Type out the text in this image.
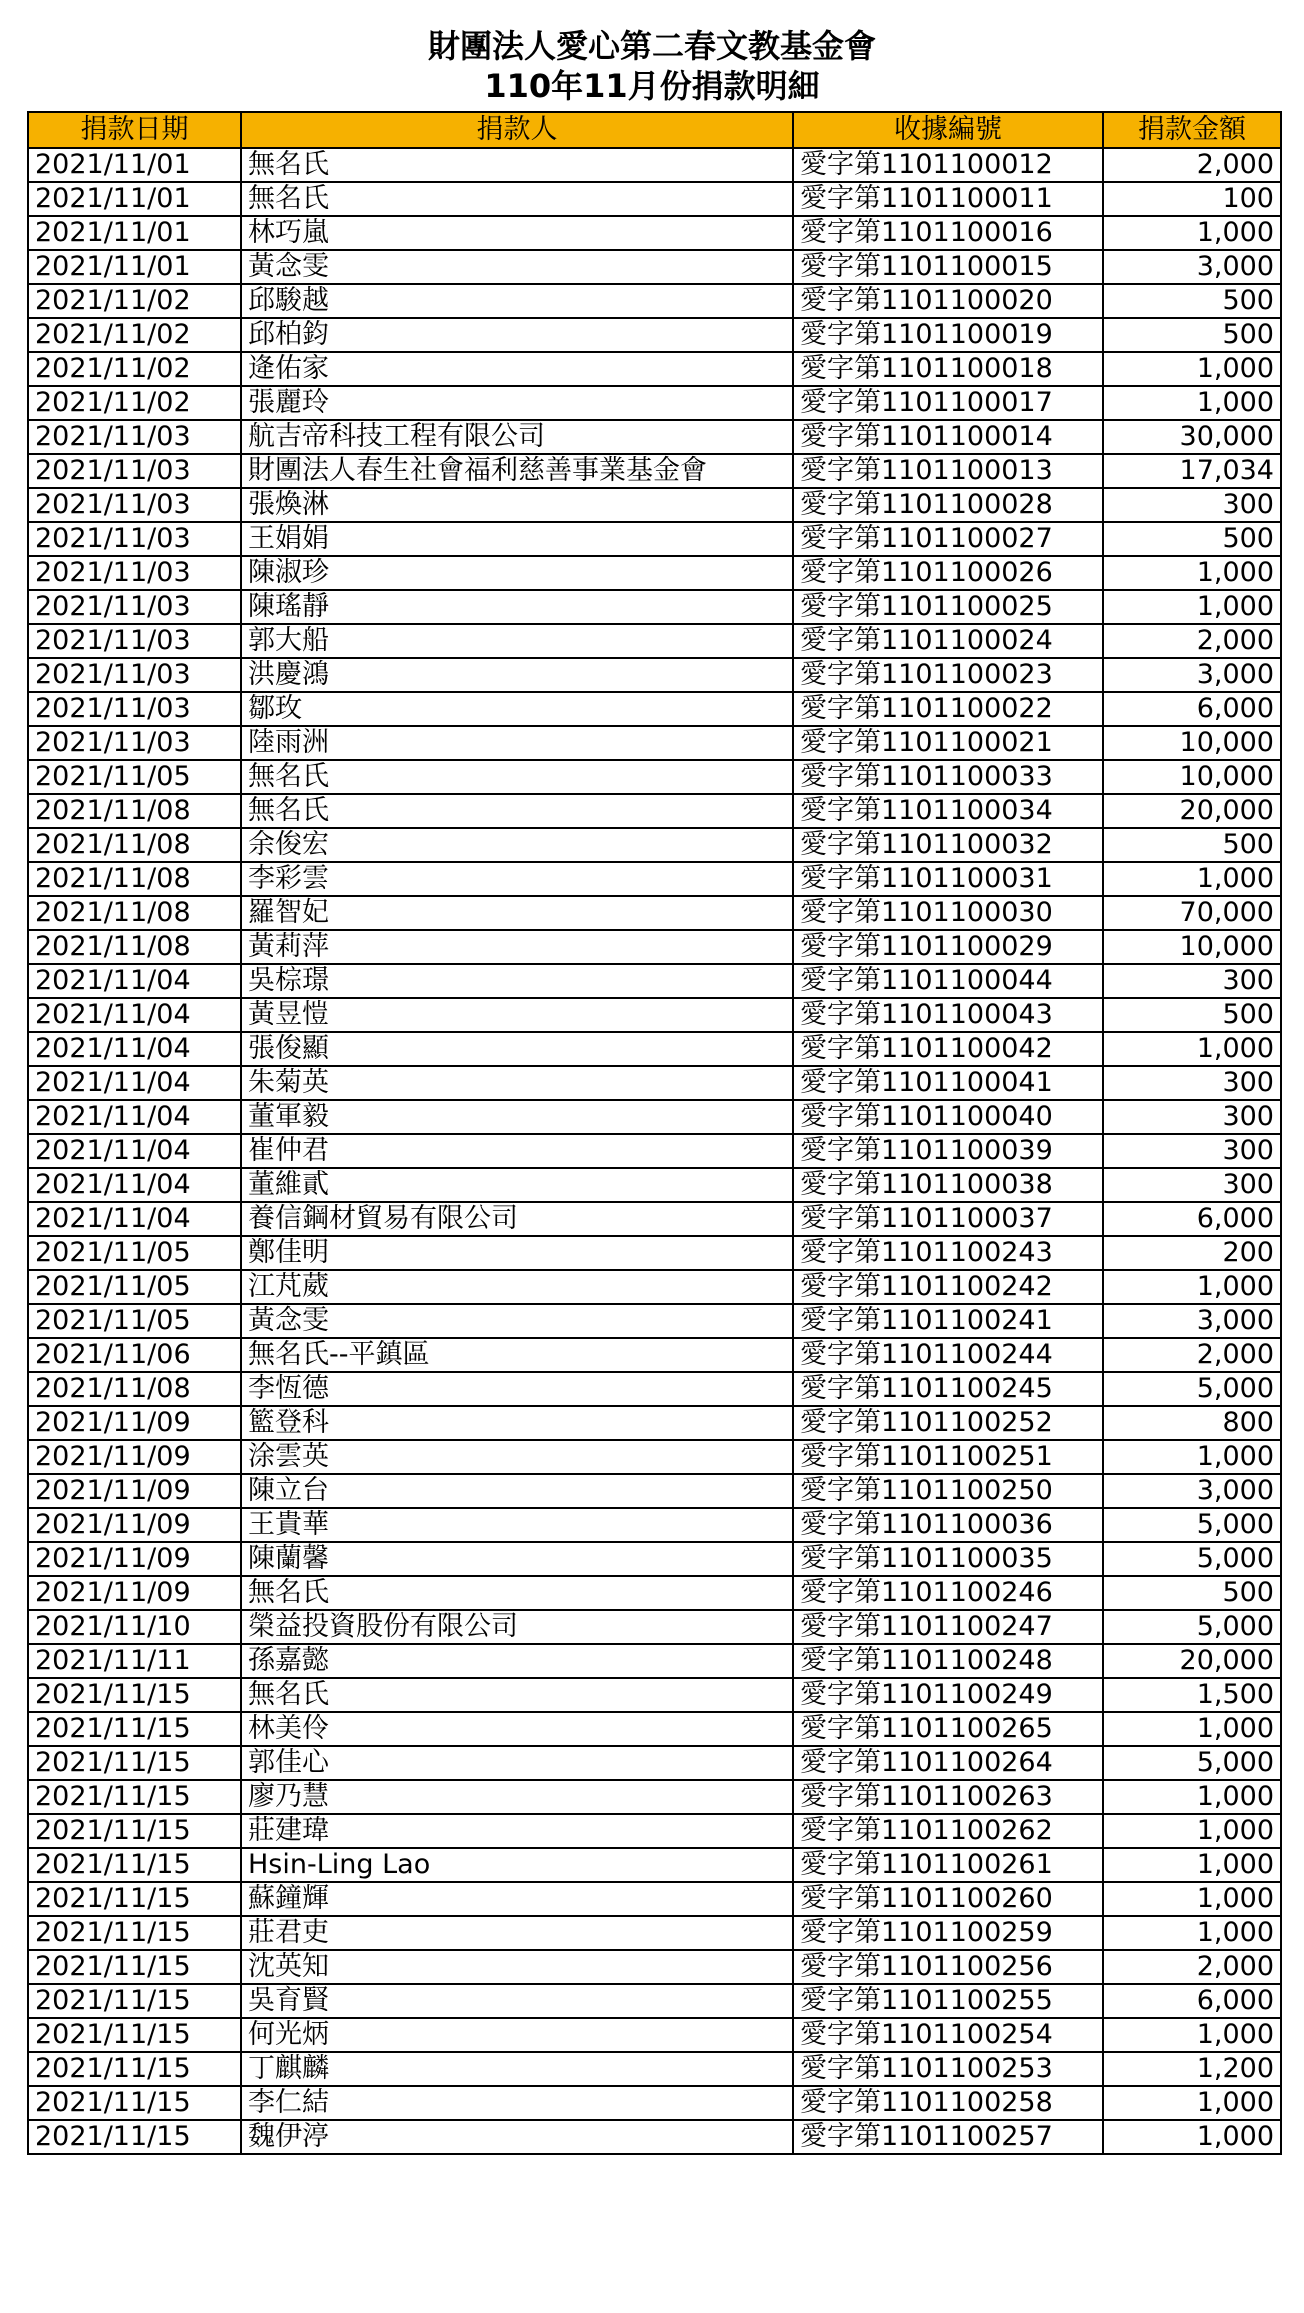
財團法人愛心第二春文教基金會
110年11月份捐款明細
捐款日期	捐款人	收據編號	捐款金額
2021/11/01	無名氏	愛字第1101100012	2,000
2021/11/01	無名氏	愛字第1101100011	100
2021/11/01	林巧嵐	愛字第1101100016	1,000
2021/11/01	黃念雯	愛字第1101100015	3,000
2021/11/02	邱駿越	愛字第1101100020	500
2021/11/02	邱柏鈞	愛字第1101100019	500
2021/11/02	逄佑家	愛字第1101100018	1,000
2021/11/02	張麗玲	愛字第1101100017	1,000
2021/11/03	航吉帝科技工程有限公司	愛字第1101100014	30,000
2021/11/03	財團法人春生社會福利慈善事業基金會	愛字第1101100013	17,034
2021/11/03	張煥淋	愛字第1101100028	300
2021/11/03	王娟娟	愛字第1101100027	500
2021/11/03	陳淑珍	愛字第1101100026	1,000
2021/11/03	陳瑤靜	愛字第1101100025	1,000
2021/11/03	郭大船	愛字第1101100024	2,000
2021/11/03	洪慶鴻	愛字第1101100023	3,000
2021/11/03	鄒玫	愛字第1101100022	6,000
2021/11/03	陸雨洲	愛字第1101100021	10,000
2021/11/05	無名氏	愛字第1101100033	10,000
2021/11/08	無名氏	愛字第1101100034	20,000
2021/11/08	余俊宏	愛字第1101100032	500
2021/11/08	李彩雲	愛字第1101100031	1,000
2021/11/08	羅智妃	愛字第1101100030	70,000
2021/11/08	黃莉萍	愛字第1101100029	10,000
2021/11/04	吳棕璟	愛字第1101100044	300
2021/11/04	黃昱愷	愛字第1101100043	500
2021/11/04	張俊顯	愛字第1101100042	1,000
2021/11/04	朱菊英	愛字第1101100041	300
2021/11/04	董軍毅	愛字第1101100040	300
2021/11/04	崔仲君	愛字第1101100039	300
2021/11/04	董維貳	愛字第1101100038	300
2021/11/04	養信鋼材貿易有限公司	愛字第1101100037	6,000
2021/11/05	鄭佳明	愛字第1101100243	200
2021/11/05	江芃葳	愛字第1101100242	1,000
2021/11/05	黃念雯	愛字第1101100241	3,000
2021/11/06	無名氏--平鎮區	愛字第1101100244	2,000
2021/11/08	李恆德	愛字第1101100245	5,000
2021/11/09	籃登科	愛字第1101100252	800
2021/11/09	涂雲英	愛字第1101100251	1,000
2021/11/09	陳立台	愛字第1101100250	3,000
2021/11/09	王貴華	愛字第1101100036	5,000
2021/11/09	陳蘭馨	愛字第1101100035	5,000
2021/11/09	無名氏	愛字第1101100246	500
2021/11/10	榮益投資股份有限公司	愛字第1101100247	5,000
2021/11/11	孫嘉懿	愛字第1101100248	20,000
2021/11/15	無名氏	愛字第1101100249	1,500
2021/11/15	林美伶	愛字第1101100265	1,000
2021/11/15	郭佳心	愛字第1101100264	5,000
2021/11/15	廖乃慧	愛字第1101100263	1,000
2021/11/15	莊建瑋	愛字第1101100262	1,000
2021/11/15	Hsin-Ling Lao	愛字第1101100261	1,000
2021/11/15	蘇鐘輝	愛字第1101100260	1,000
2021/11/15	莊君吏	愛字第1101100259	1,000
2021/11/15	沈英知	愛字第1101100256	2,000
2021/11/15	吳育賢	愛字第1101100255	6,000
2021/11/15	何光炳	愛字第1101100254	1,000
2021/11/15	丁麒麟	愛字第1101100253	1,200
2021/11/15	李仁結	愛字第1101100258	1,000
2021/11/15	魏伊渟	愛字第1101100257	1,000
